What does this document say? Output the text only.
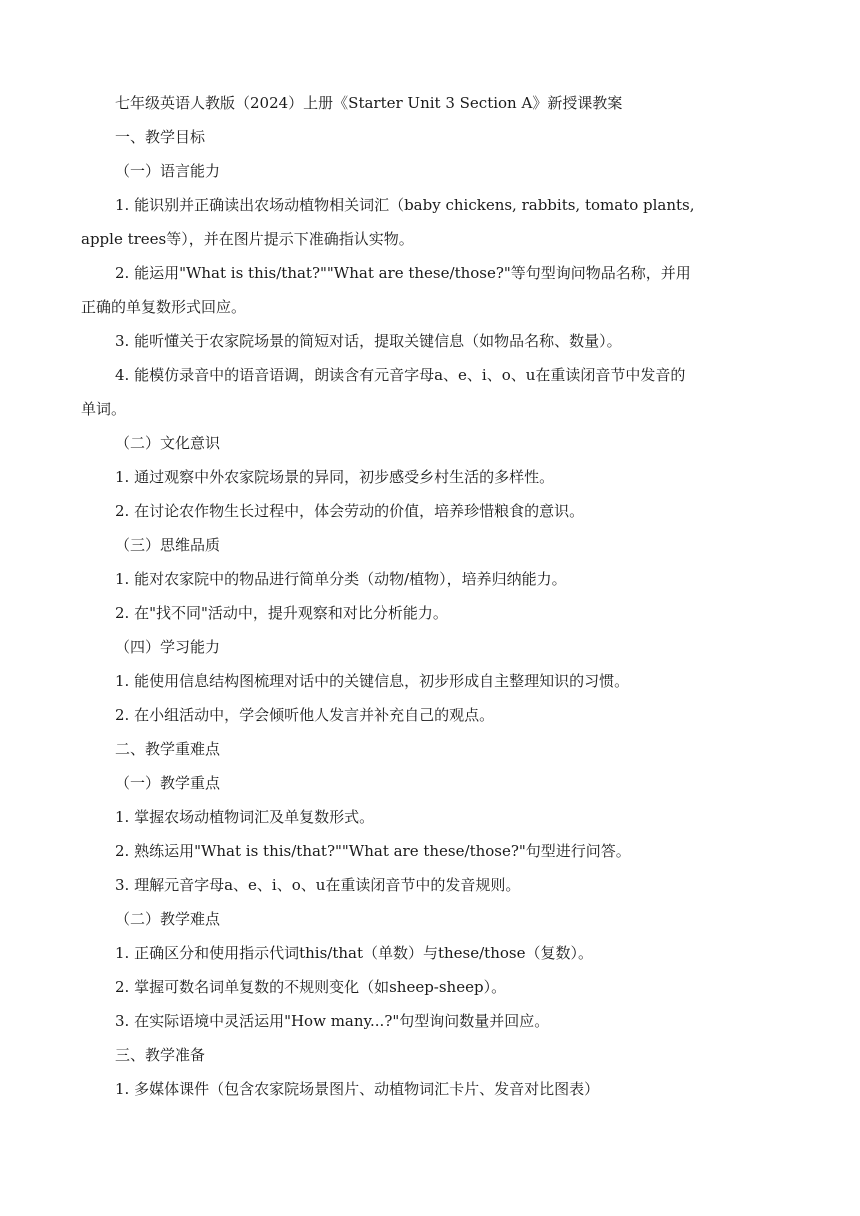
七年级英语人教版（2024）上册《Starter Unit 3 Section A》新授课教案
一、教学目标
（一）语言能力
1. 能识别并正确读出农场动植物相关词汇（baby chickens, rabbits, tomato plants,
apple trees等），并在图片提示下准确指认实物。
2. 能运用"What is this/that?""What are these/those?"等句型询问物品名称，并用
正确的单复数形式回应。
3. 能听懂关于农家院场景的简短对话，提取关键信息（如物品名称、数量）。
4. 能模仿录音中的语音语调，朗读含有元音字母a、e、i、o、u在重读闭音节中发音的
单词。
（二）文化意识
1. 通过观察中外农家院场景的异同，初步感受乡村生活的多样性。
2. 在讨论农作物生长过程中，体会劳动的价值，培养珍惜粮食的意识。
（三）思维品质
1. 能对农家院中的物品进行简单分类（动物/植物），培养归纳能力。
2. 在"找不同"活动中，提升观察和对比分析能力。
（四）学习能力
1. 能使用信息结构图梳理对话中的关键信息，初步形成自主整理知识的习惯。
2. 在小组活动中，学会倾听他人发言并补充自己的观点。
二、教学重难点
（一）教学重点
1. 掌握农场动植物词汇及单复数形式。
2. 熟练运用"What is this/that?""What are these/those?"句型进行问答。
3. 理解元音字母a、e、i、o、u在重读闭音节中的发音规则。
（二）教学难点
1. 正确区分和使用指示代词this/that（单数）与these/those（复数）。
2. 掌握可数名词单复数的不规则变化（如sheep-sheep）。
3. 在实际语境中灵活运用"How many...?"句型询问数量并回应。
三、教学准备
1. 多媒体课件（包含农家院场景图片、动植物词汇卡片、发音对比图表）
